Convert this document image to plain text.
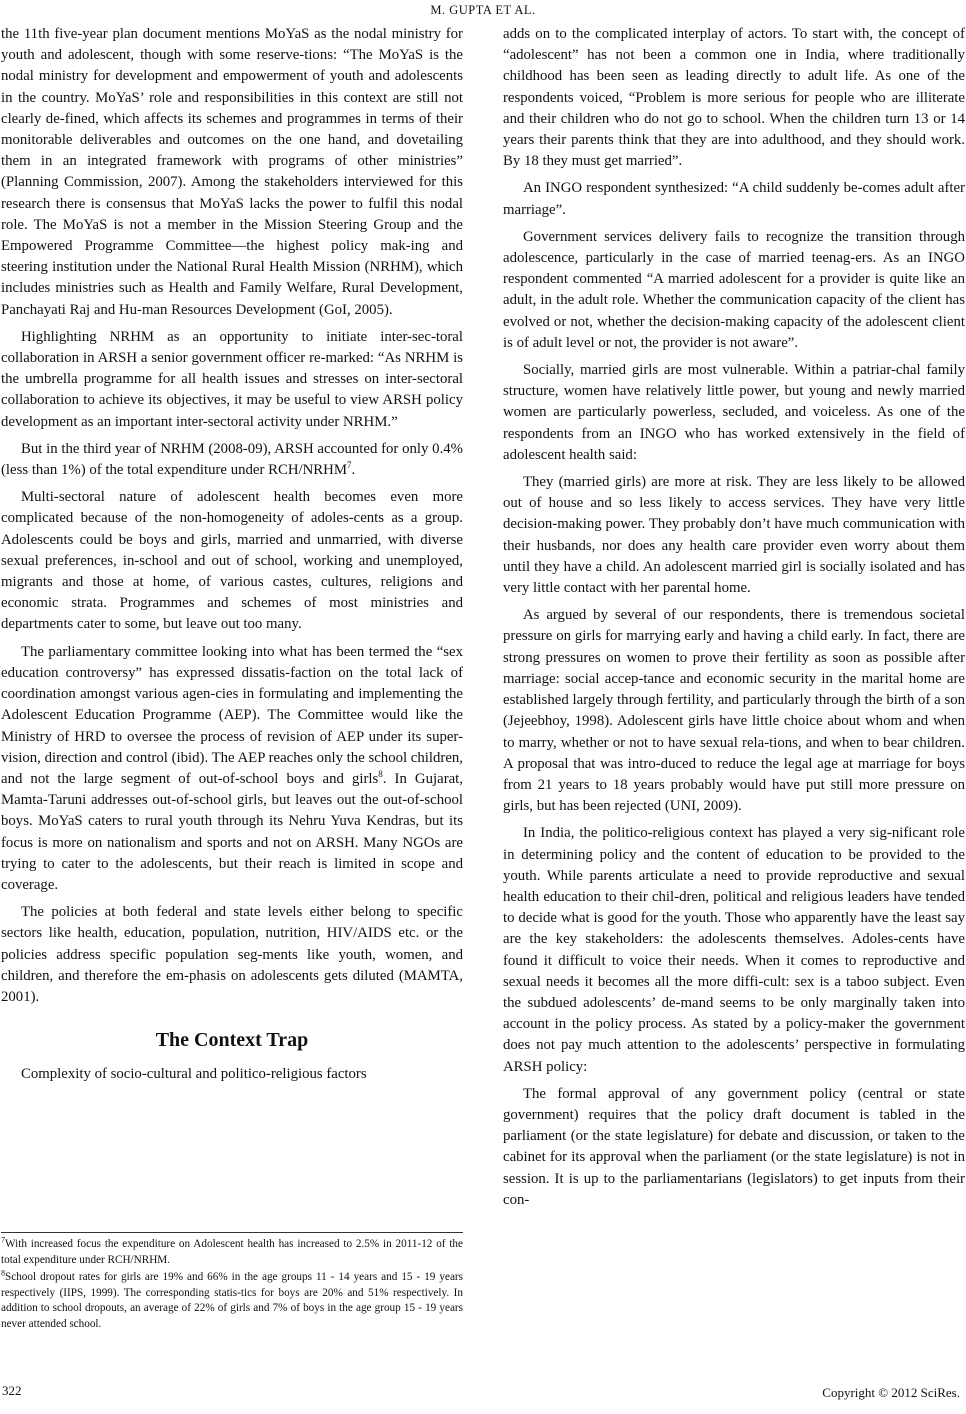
M. GUPTA ET AL.

the 11th five-year plan document mentions MoYaS as the nodal ministry for youth and adolescent, though with some reserve-tions: “The MoYaS is the nodal ministry for development and empowerment of youth and adolescents in the country. MoYaS’ role and responsibilities in this context are still not clearly de-fined, which affects its schemes and programmes in terms of their monitorable deliverables and outcomes on the one hand, and dovetailing them in an integrated framework with programs of other ministries” (Planning Commission, 2007). Among the stakeholders interviewed for this research there is consensus that MoYaS lacks the power to fulfil this nodal role. The MoYaS is not a member in the Mission Steering Group and the Empowered Programme Committee—the highest policy mak-ing and steering institution under the National Rural Health Mission (NRHM), which includes ministries such as Health and Family Welfare, Rural Development, Panchayati Raj and Hu-man Resources Development (GoI, 2005).

Highlighting NRHM as an opportunity to initiate inter-sec-toral collaboration in ARSH a senior government officer re-marked: “As NRHM is the umbrella programme for all health issues and stresses on inter-sectoral collaboration to achieve its objectives, it may be useful to view ARSH policy development as an important inter-sectoral activity under NRHM.”

But in the third year of NRHM (2008-09), ARSH accounted for only 0.4% (less than 1%) of the total expenditure under RCH/NRHM$^7$.

Multi-sectoral nature of adolescent health becomes even more complicated because of the non-homogeneity of adoles-cents as a group. Adolescents could be boys and girls, married and unmarried, with diverse sexual preferences, in-school and out of school, working and unemployed, migrants and those at home, of various castes, cultures, religions and economic strata. Programmes and schemes of most ministries and departments cater to some, but leave out too many.

The parliamentary committee looking into what has been termed the “sex education controversy” has expressed dissatis-faction on the total lack of coordination amongst various agen-cies in formulating and implementing the Adolescent Education Programme (AEP). The Committee would like the Ministry of HRD to oversee the process of revision of AEP under its super-vision, direction and control (ibid). The AEP reaches only the school children, and not the large segment of out-of-school boys and girls$^8$. In Gujarat, Mamta-Taruni addresses out-of-school girls, but leaves out the out-of-school boys. MoYaS caters to rural youth through its Nehru Yuva Kendras, but its focus is more on nationalism and sports and not on ARSH. Many NGOs are trying to cater to the adolescents, but their reach is limited in scope and coverage.

The policies at both federal and state levels either belong to specific sectors like health, education, population, nutrition, HIV/AIDS etc. or the policies address specific population seg-ments like youth, women, and children, and therefore the em-phasis on adolescents gets diluted (MAMTA, 2001).

The Context Trap

Complexity of socio-cultural and politico-religious factors

adds on to the complicated interplay of actors. To start with, the concept of “adolescent” has not been a common one in India, where traditionally childhood has been seen as leading directly to adult life. As one of the respondents voiced, “Problem is more serious for people who are illiterate and their children who do not go to school. When the children turn 13 or 14 years their parents think that they are into adulthood, and they should work. By 18 they must get married”.

An INGO respondent synthesized: “A child suddenly be-comes adult after marriage”.

Government services delivery fails to recognize the transition through adolescence, particularly in the case of married teenag-ers. As an INGO respondent commented “A married adolescent for a provider is quite like an adult, in the adult role. Whether the communication capacity of the client has evolved or not, whether the decision-making capacity of the adolescent client is of adult level or not, the provider is not aware”.

Socially, married girls are most vulnerable. Within a patriar-chal family structure, women have relatively little power, but young and newly married women are particularly powerless, secluded, and voiceless. As one of the respondents from an INGO who has worked extensively in the field of adolescent health said:

They (married girls) are more at risk. They are less likely to be allowed out of house and so less likely to access services. They have very little decision-making power. They probably don’t have much communication with their husbands, nor does any health care provider even worry about them until they have a child. An adolescent married girl is socially isolated and has very little contact with her parental home.

As argued by several of our respondents, there is tremendous societal pressure on girls for marrying early and having a child early. In fact, there are strong pressures on women to prove their fertility as soon as possible after marriage: social accep-tance and economic security in the marital home are established largely through fertility, and particularly through the birth of a son (Jejeebhoy, 1998). Adolescent girls have little choice about whom and when to marry, whether or not to have sexual rela-tions, and when to bear children. A proposal that was intro-duced to reduce the legal age at marriage for boys from 21 years to 18 years probably would have put still more pressure on girls, but has been rejected (UNI, 2009).

In India, the politico-religious context has played a very sig-nificant role in determining policy and the content of education to be provided to the youth. While parents articulate a need to provide reproductive and sexual health education to their chil-dren, political and religious leaders have tended to decide what is good for the youth. Those who apparently have the least say are the key stakeholders: the adolescents themselves. Adoles-cents have found it difficult to voice their needs. When it comes to reproductive and sexual needs it becomes all the more diffi-cult: sex is a taboo subject. Even the subdued adolescents’ de-mand seems to be only marginally taken into account in the policy process. As stated by a policy-maker the government does not pay much attention to the adolescents’ perspective in formulating ARSH policy:

The formal approval of any government policy (central or state government) requires that the policy draft document is tabled in the parliament (or the state legislature) for debate and discussion, or taken to the cabinet for its approval when the parliament (or the state legislature) is not in session. It is up to the parliamentarians (legislators) to get inputs from their con-

$^7$With increased focus the expenditure on Adolescent health has increased to 2.5% in 2011-12 of the total expenditure under RCH/NRHM.

$^8$School dropout rates for girls are 19% and 66% in the age groups 11 - 14 years and 15 - 19 years respectively (IIPS, 1999). The corresponding statis-tics for boys are 20% and 51% respectively. In addition to school dropouts, an average of 22% of girls and 7% of boys in the age group 15 - 19 years never attended school.

322	Copyright © 2012 SciRes.
